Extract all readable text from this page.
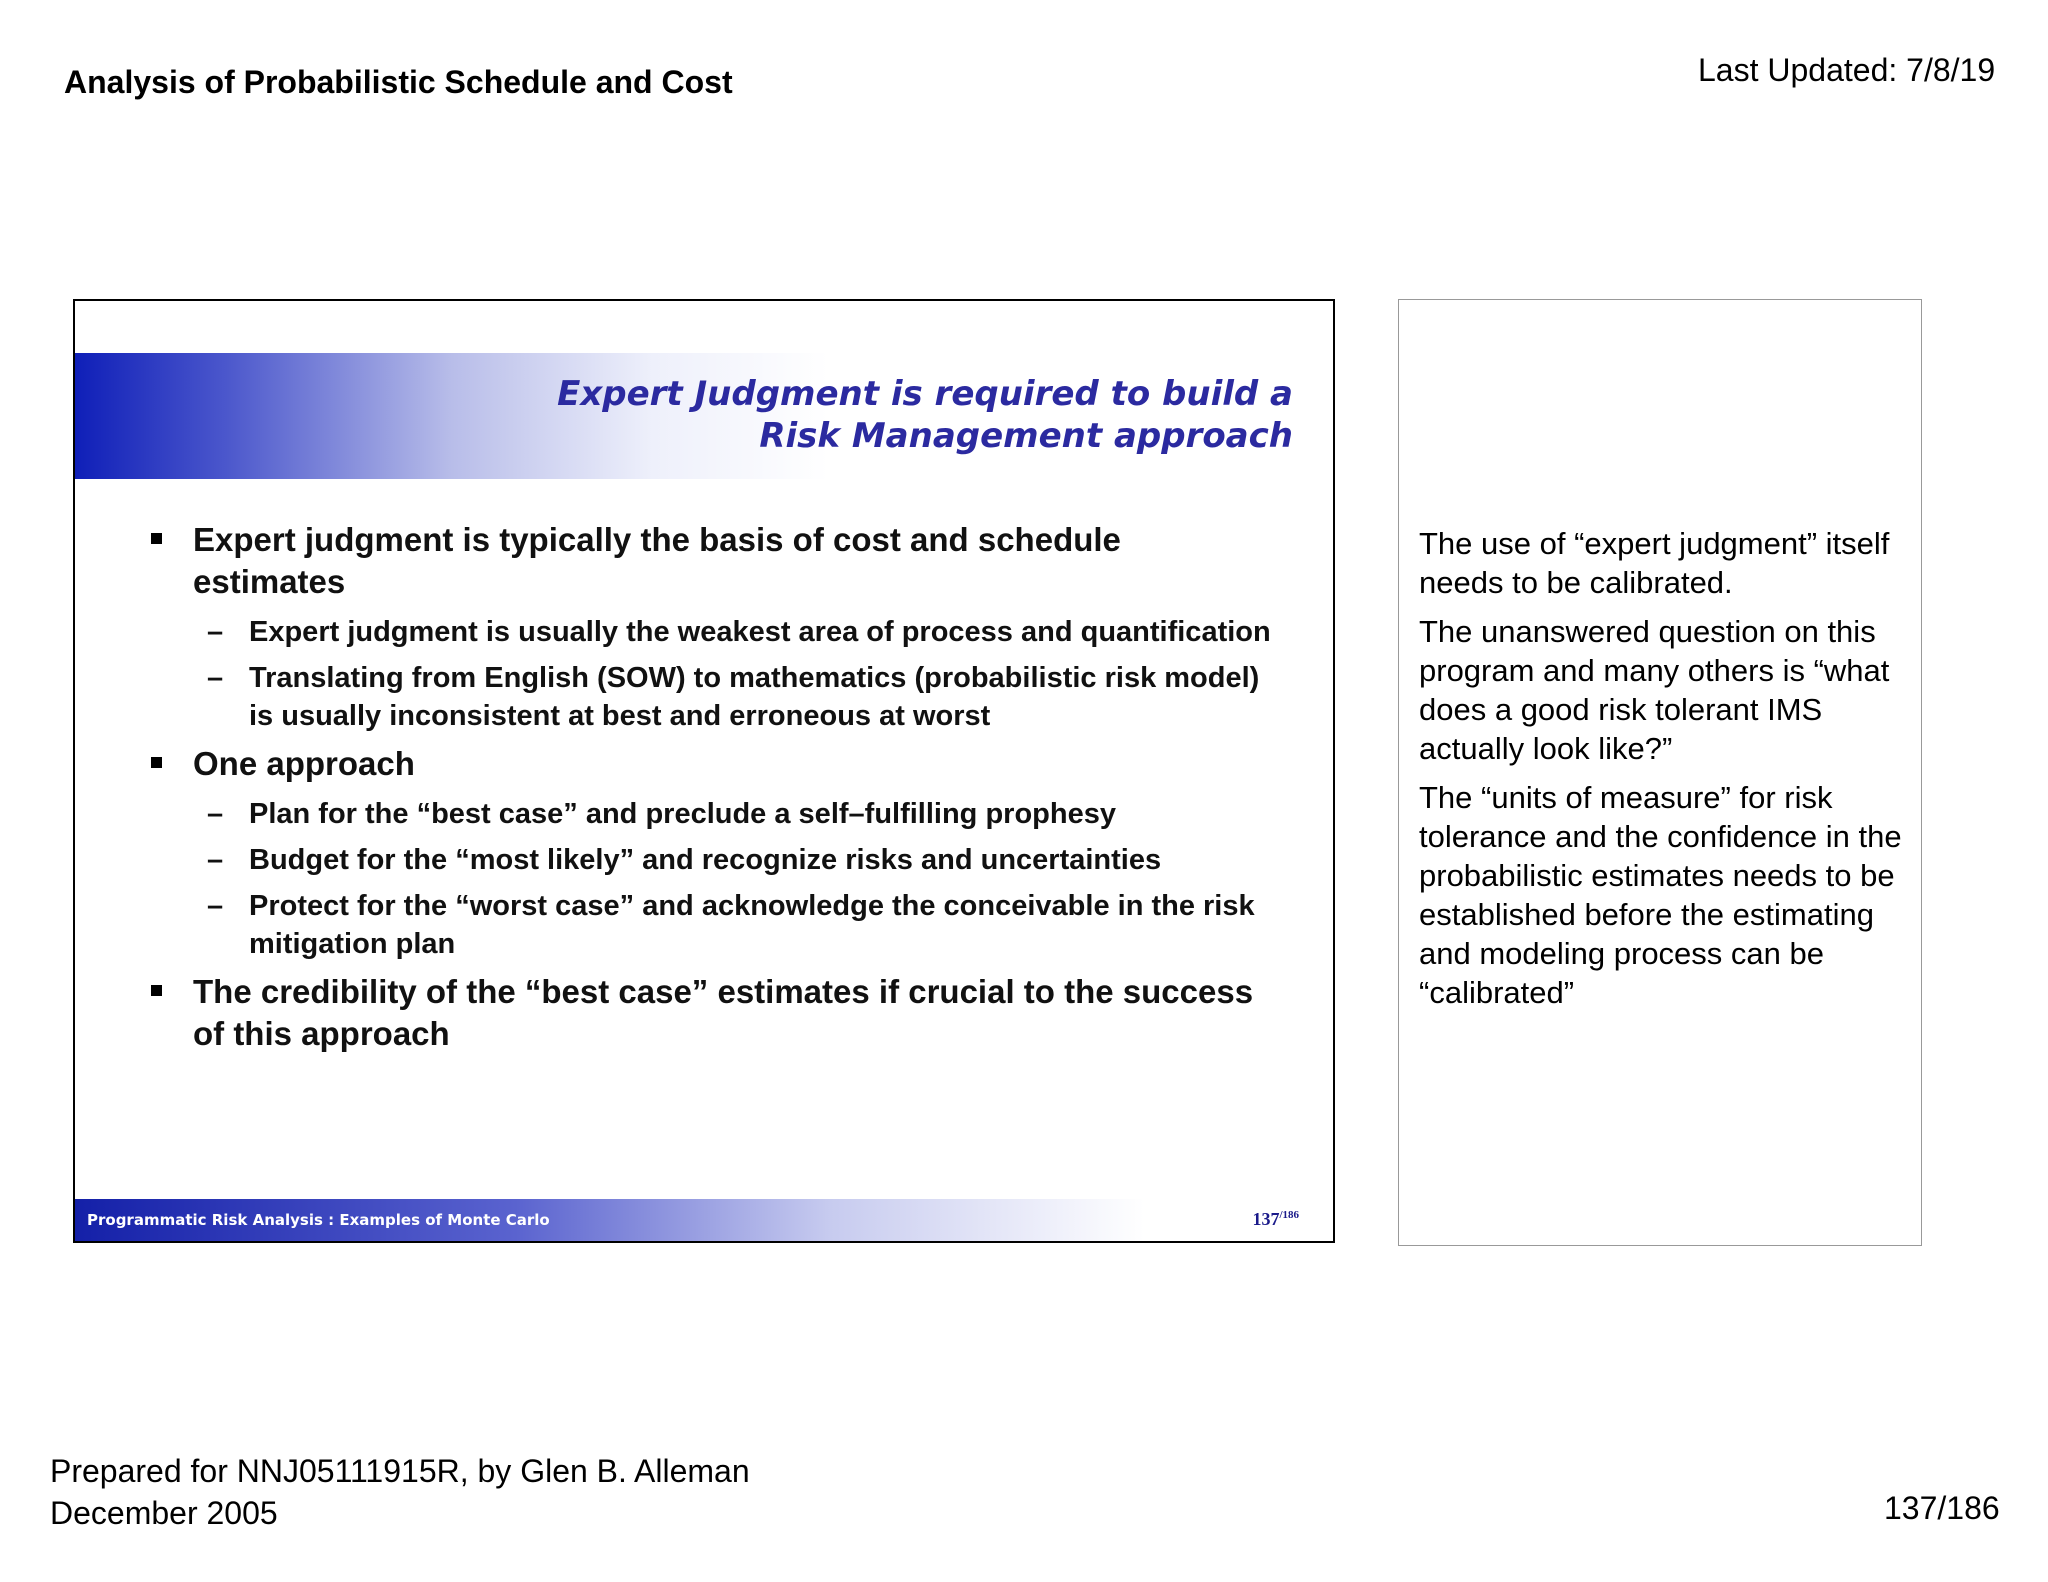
Analysis of Probabilistic Schedule and Cost	Last Updated: 7/8/19
Expert Judgment is required to build a
Risk Management approach
Expert judgment is typically the basis of cost and schedule estimates
– Expert judgment is usually the weakest area of process and quantification
– Translating from English (SOW) to mathematics (probabilistic risk model) is usually inconsistent at best and erroneous at worst
One approach
– Plan for the “best case” and preclude a self–fulfilling prophesy
– Budget for the “most likely” and recognize risks and uncertainties
– Protect for the “worst case” and acknowledge the conceivable in the risk mitigation plan
The credibility of the “best case” estimates if crucial to the success of this approach
Programmatic Risk Analysis : Examples of Monte Carlo	$137^{/186}$

The use of “expert judgment” itself needs to be calibrated.

The unanswered question on this program and many others is “what does a good risk tolerant IMS actually look like?”

The “units of measure” for risk tolerance and the confidence in the probabilistic estimates needs to be established before the estimating and modeling process can be “calibrated”

Prepared for NNJ05111915R, by Glen B. Alleman
December 2005	137/186
